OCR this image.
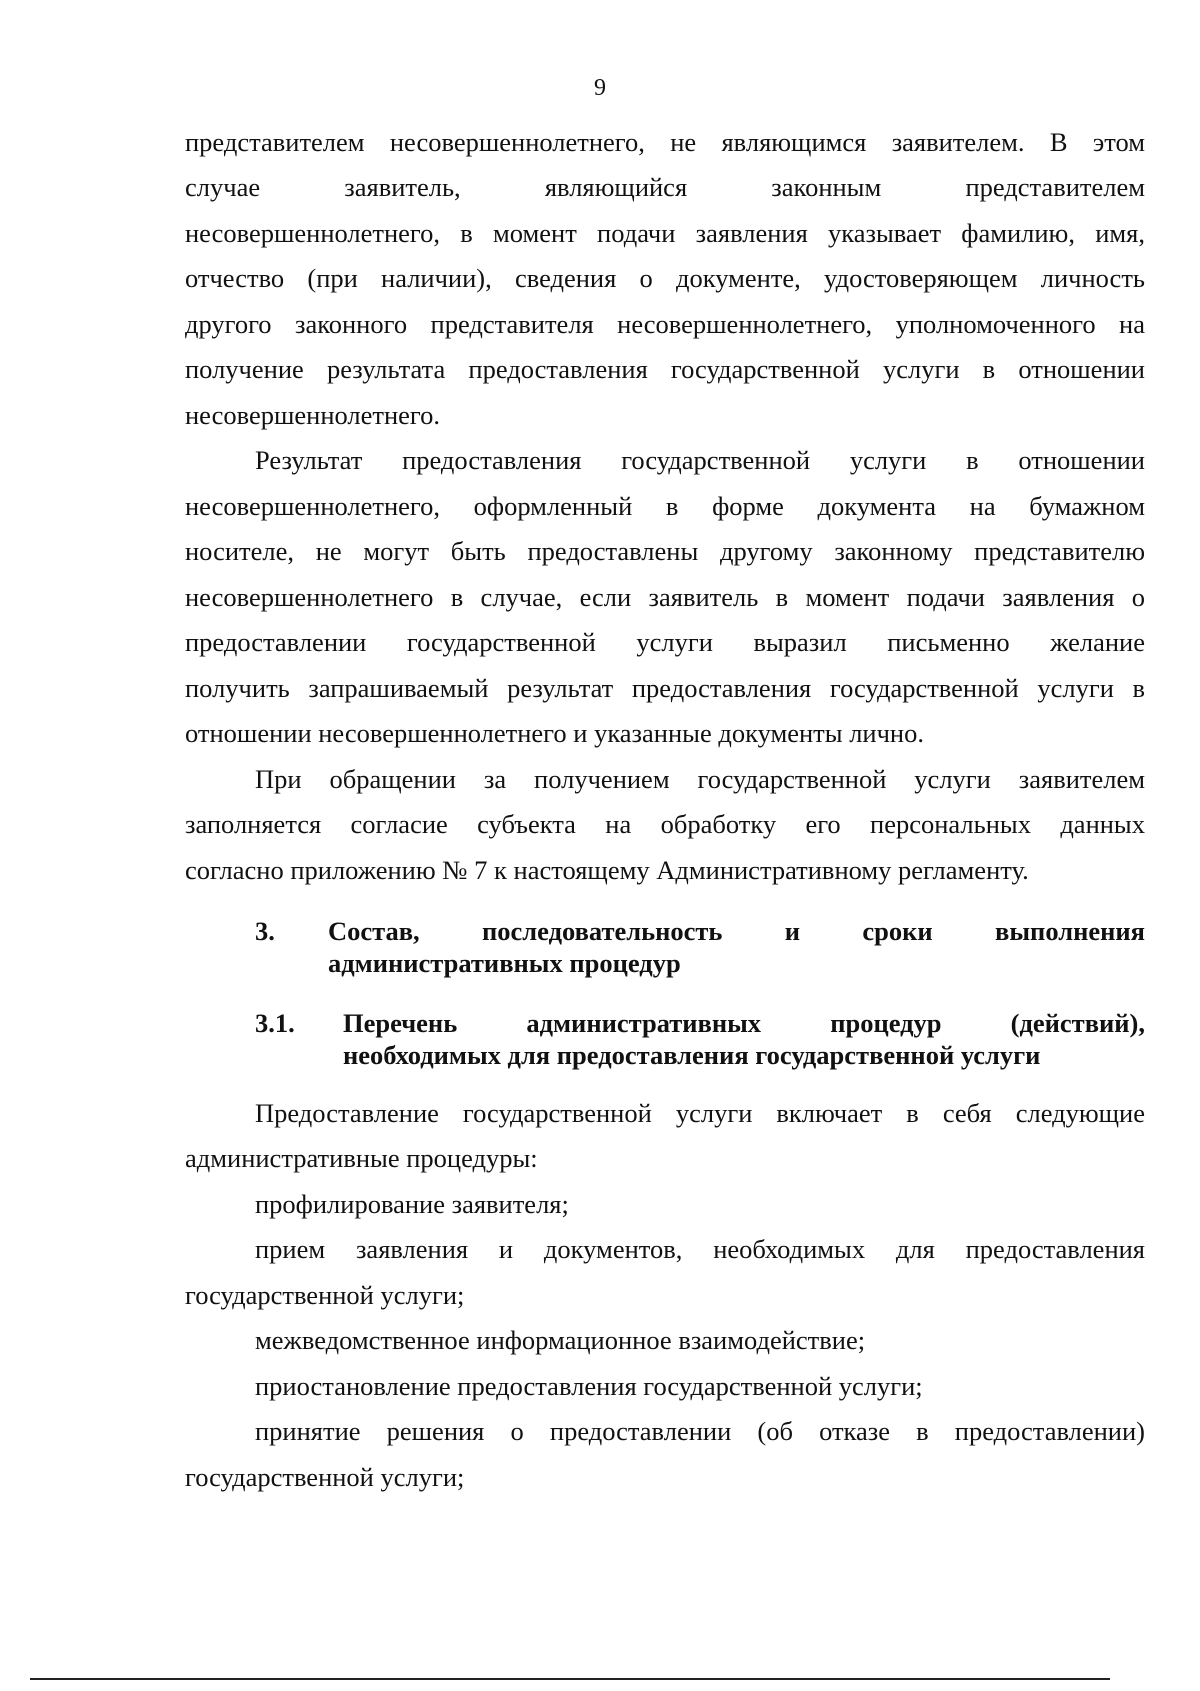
9
представителем несовершеннолетнего, не являющимся заявителем. В этом
случае заявитель, являющийся законным представителем
несовершеннолетнего, в момент подачи заявления указывает фамилию, имя,
отчество (при наличии), сведения о документе, удостоверяющем личность
другого законного представителя несовершеннолетнего, уполномоченного на
получение результата предоставления государственной услуги в отношении
несовершеннолетнего.
Результат предоставления государственной услуги в отношении
несовершеннолетнего, оформленный в форме документа на бумажном
носителе, не могут быть предоставлены другому законному представителю
несовершеннолетнего в случае, если заявитель в момент подачи заявления о
предоставлении государственной услуги выразил письменно желание
получить запрашиваемый результат предоставления государственной услуги в
отношении несовершеннолетнего и указанные документы лично.
При обращении за получением государственной услуги заявителем
заполняется согласие субъекта на обработку его персональных данных
согласно приложению № 7 к настоящему Административному регламенту.
3. Состав, последовательность и сроки выполнения
административных процедур
3.1. Перечень административных процедур (действий),
необходимых для предоставления государственной услуги
Предоставление государственной услуги включает в себя следующие
административные процедуры:
профилирование заявителя;
прием заявления и документов, необходимых для предоставления
государственной услуги;
межведомственное информационное взаимодействие;
приостановление предоставления государственной услуги;
принятие решения о предоставлении (об отказе в предоставлении)
государственной услуги;
